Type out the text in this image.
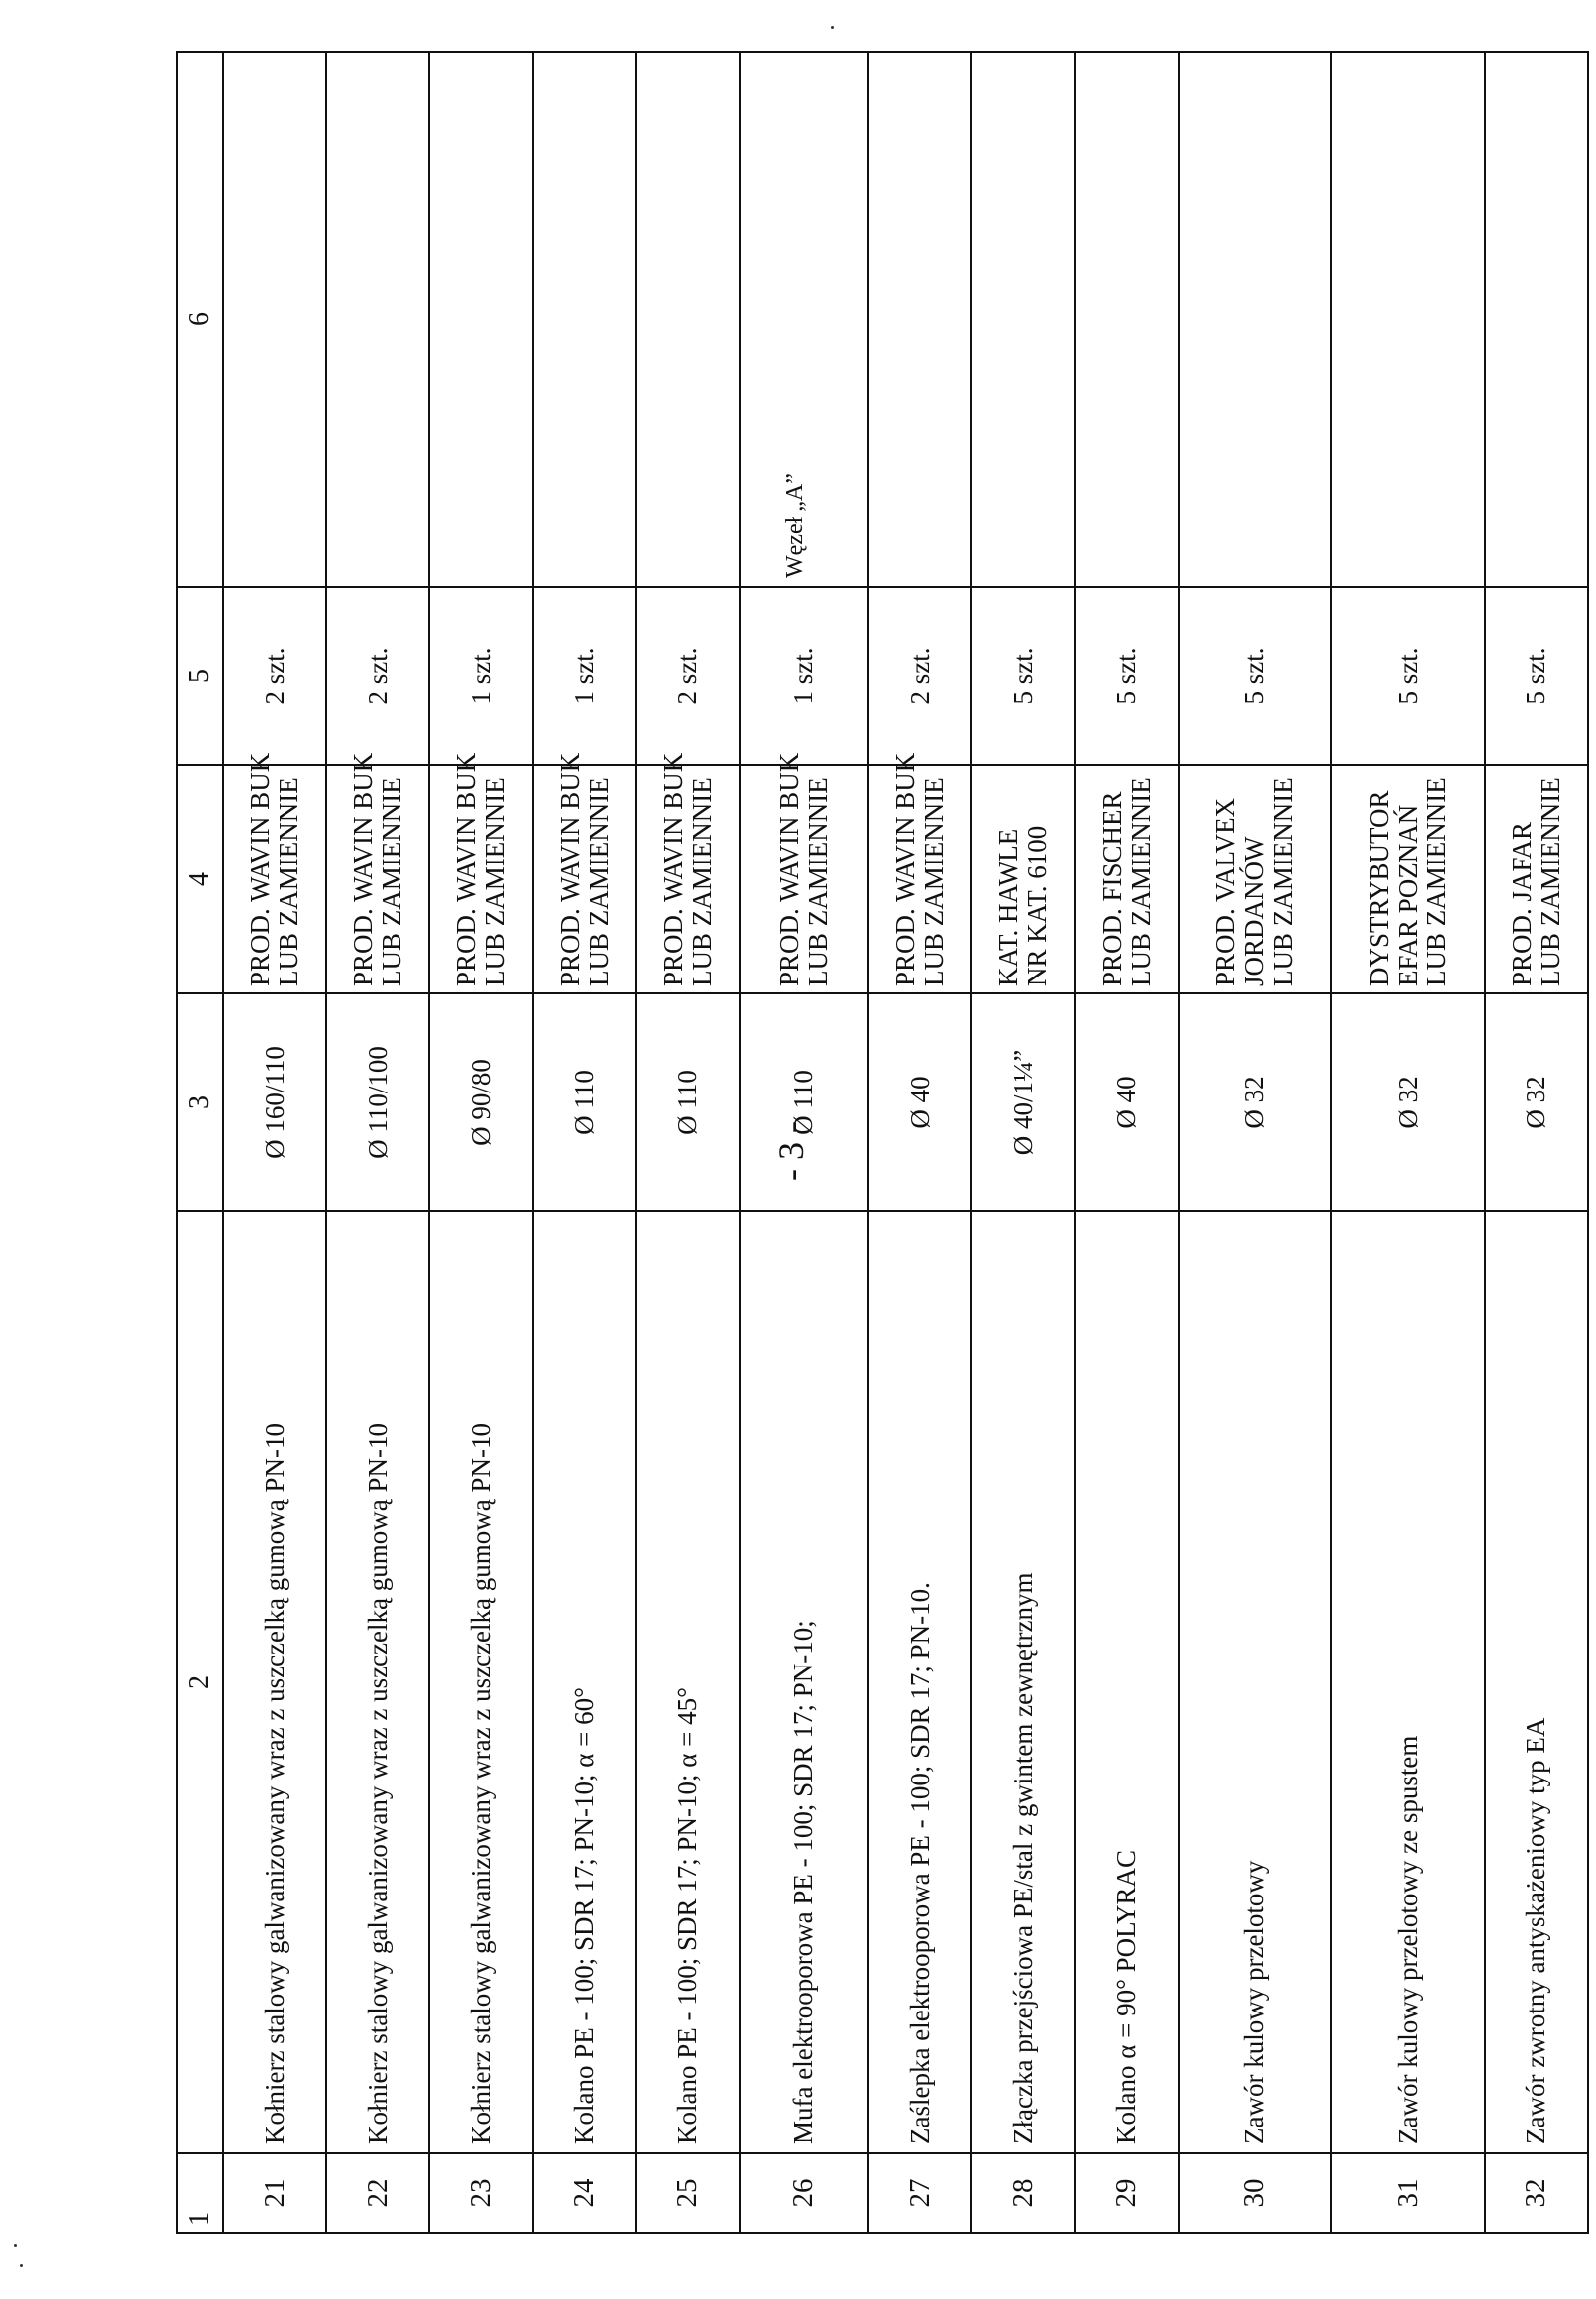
- 3 -
1	2	3	4	5	6
21	Kołnierz stalowy galwanizowany wraz z uszczelką gumową PN-10	Ø 160/110	PROD. WAVIN BUK LUB ZAMIENNIE	2 szt.	
22	Kołnierz stalowy galwanizowany wraz z uszczelką gumową PN-10	Ø 110/100	PROD. WAVIN BUK LUB ZAMIENNIE	2 szt.	
23	Kołnierz stalowy galwanizowany wraz z uszczelką gumową PN-10	Ø 90/80	PROD. WAVIN BUK LUB ZAMIENNIE	1 szt.	
24	Kolano PE - 100; SDR 17; PN-10; α = 60°	Ø 110	PROD. WAVIN BUK LUB ZAMIENNIE	1 szt.	
25	Kolano PE - 100; SDR 17; PN-10; α = 45°	Ø 110	PROD. WAVIN BUK LUB ZAMIENNIE	2 szt.	
26	Mufa elektrooporowa PE - 100; SDR 17; PN-10;	Ø 110	PROD. WAVIN BUK LUB ZAMIENNIE	1 szt.	Węzeł „A”
27	Zaślepka elektrooporowa PE - 100; SDR 17; PN-10.	Ø 40	PROD. WAVIN BUK LUB ZAMIENNIE	2 szt.	
28	Złączka przejściowa PE/stal z gwintem zewnętrznym	Ø 40/1¼”	KAT. HAWLE NR KAT. 6100	5 szt.	
29	Kolano α = 90° POLYRAC	Ø 40	PROD. FISCHER LUB ZAMIENNIE	5 szt.	
30	Zawór kulowy przelotowy	Ø 32	PROD. VALVEX JORDANÓW LUB ZAMIENNIE	5 szt.	
31	Zawór kulowy przelotowy ze spustem	Ø 32	DYSTRYBUTOR EFAR POZNAŃ LUB ZAMIENNIE	5 szt.	
32	Zawór zwrotny antyskażeniowy typ EA	Ø 32	PROD. JAFAR LUB ZAMIENNIE	5 szt.	
